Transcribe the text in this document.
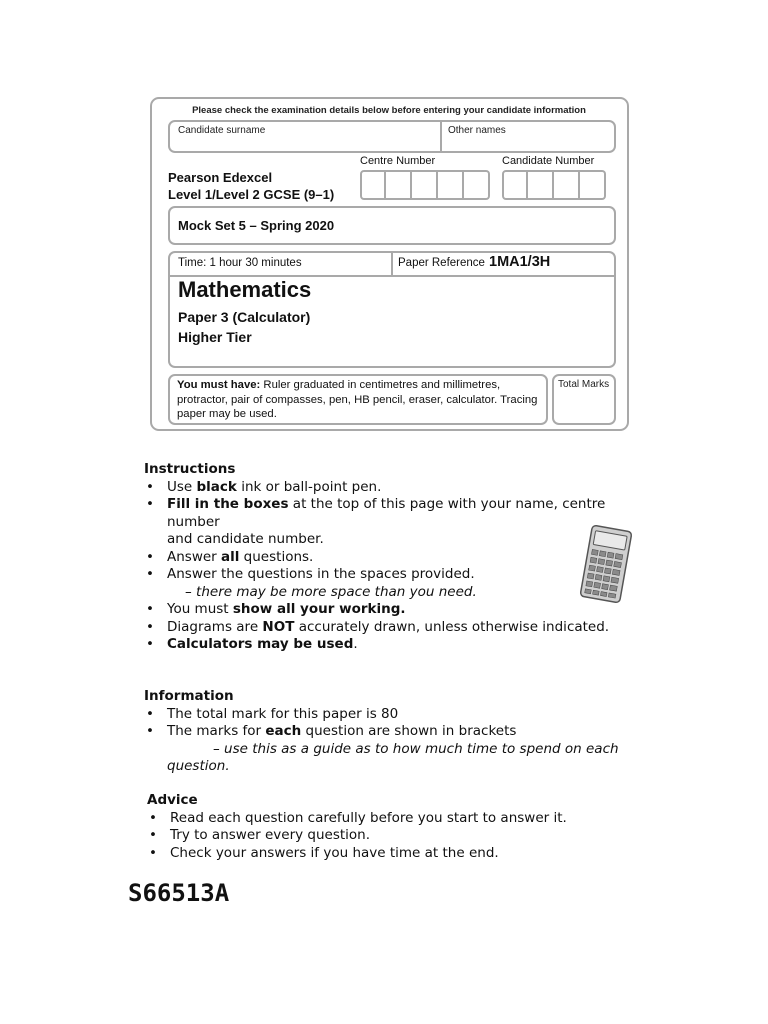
Please check the examination details below before entering your candidate information
Candidate surname	Other names
Centre Number	Candidate Number
Pearson Edexcel
Level 1/Level 2 GCSE (9–1)
Mock Set 5 – Spring 2020
Time: 1 hour 30 minutes	Paper Reference 1MA1/3H
Mathematics
Paper 3 (Calculator)
Higher Tier
You must have: Ruler graduated in centimetres and millimetres, protractor, pair of compasses, pen, HB pencil, eraser, calculator. Tracing paper may be used.
Total Marks
Instructions
• Use black ink or ball-point pen.
• Fill in the boxes at the top of this page with your name, centre number
and candidate number.
• Answer all questions.
• Answer the questions in the spaces provided.
– there may be more space than you need.
• You must show all your working.
• Diagrams are NOT accurately drawn, unless otherwise indicated.
• Calculators may be used.
Information
• The total mark for this paper is 80
• The marks for each question are shown in brackets
– use this as a guide as to how much time to spend on each question.
Advice
• Read each question carefully before you start to answer it.
• Try to answer every question.
• Check your answers if you have time at the end.
S66513A
